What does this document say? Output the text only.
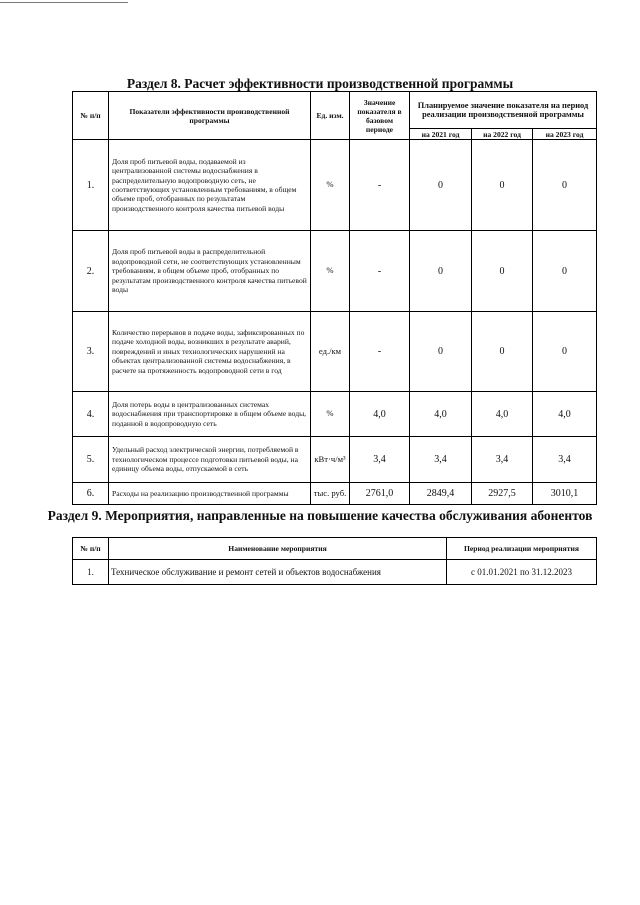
Раздел 8. Расчет эффективности производственной программы
№ п/п	Показатели эффективности производственной программы	Ед. изм.	Значение показателя в базовом периоде	Планируемое значение показателя на период реализации производственной программы		
				на 2021 год	на 2022 год	на 2023 год
1.	Доля проб питьевой воды, подаваемой из централизованной системы водоснабжения в распределительную водопроводную сеть, не соответствующих установленным требованиям, в общем объеме проб, отобранных по результатам производственного контроля качества питьевой воды	%	-	0	0	0
2.	Доля проб питьевой воды в распределительной водопроводной сети, не соответствующих установленным требованиям, в общем объеме проб, отобранных по результатам производственного контроля качества питьевой воды	%	-	0	0	0
3.	Количество перерывов в подаче воды, зафиксированных по подаче холодной воды, возникших в результате аварий, повреждений и иных технологических нарушений на объектах централизованной системы водоснабжения, в расчете на протяженность водопроводной сети в год	ед./км	-	0	0	0
4.	Доля потерь воды в централизованных системах водоснабжения при транспортировке в общем объеме воды, поданной в водопроводную сеть	%	4,0	4,0	4,0	4,0
5.	Удельный расход электрической энергии, потребляемой в технологическом процессе подготовки питьевой воды, на единицу объема воды, отпускаемой в сеть	кВт·ч/м³	3,4	3,4	3,4	3,4
6.	Расходы на реализацию производственной программы	тыс. руб.	2761,0	2849,4	2927,5	3010,1
Раздел 9. Мероприятия, направленные на повышение качества обслуживания абонентов
№ п/п	Наименование мероприятия	Период реализации мероприятия
1.	Техническое обслуживание и ремонт сетей и объектов водоснабжения	с 01.01.2021 по 31.12.2023
